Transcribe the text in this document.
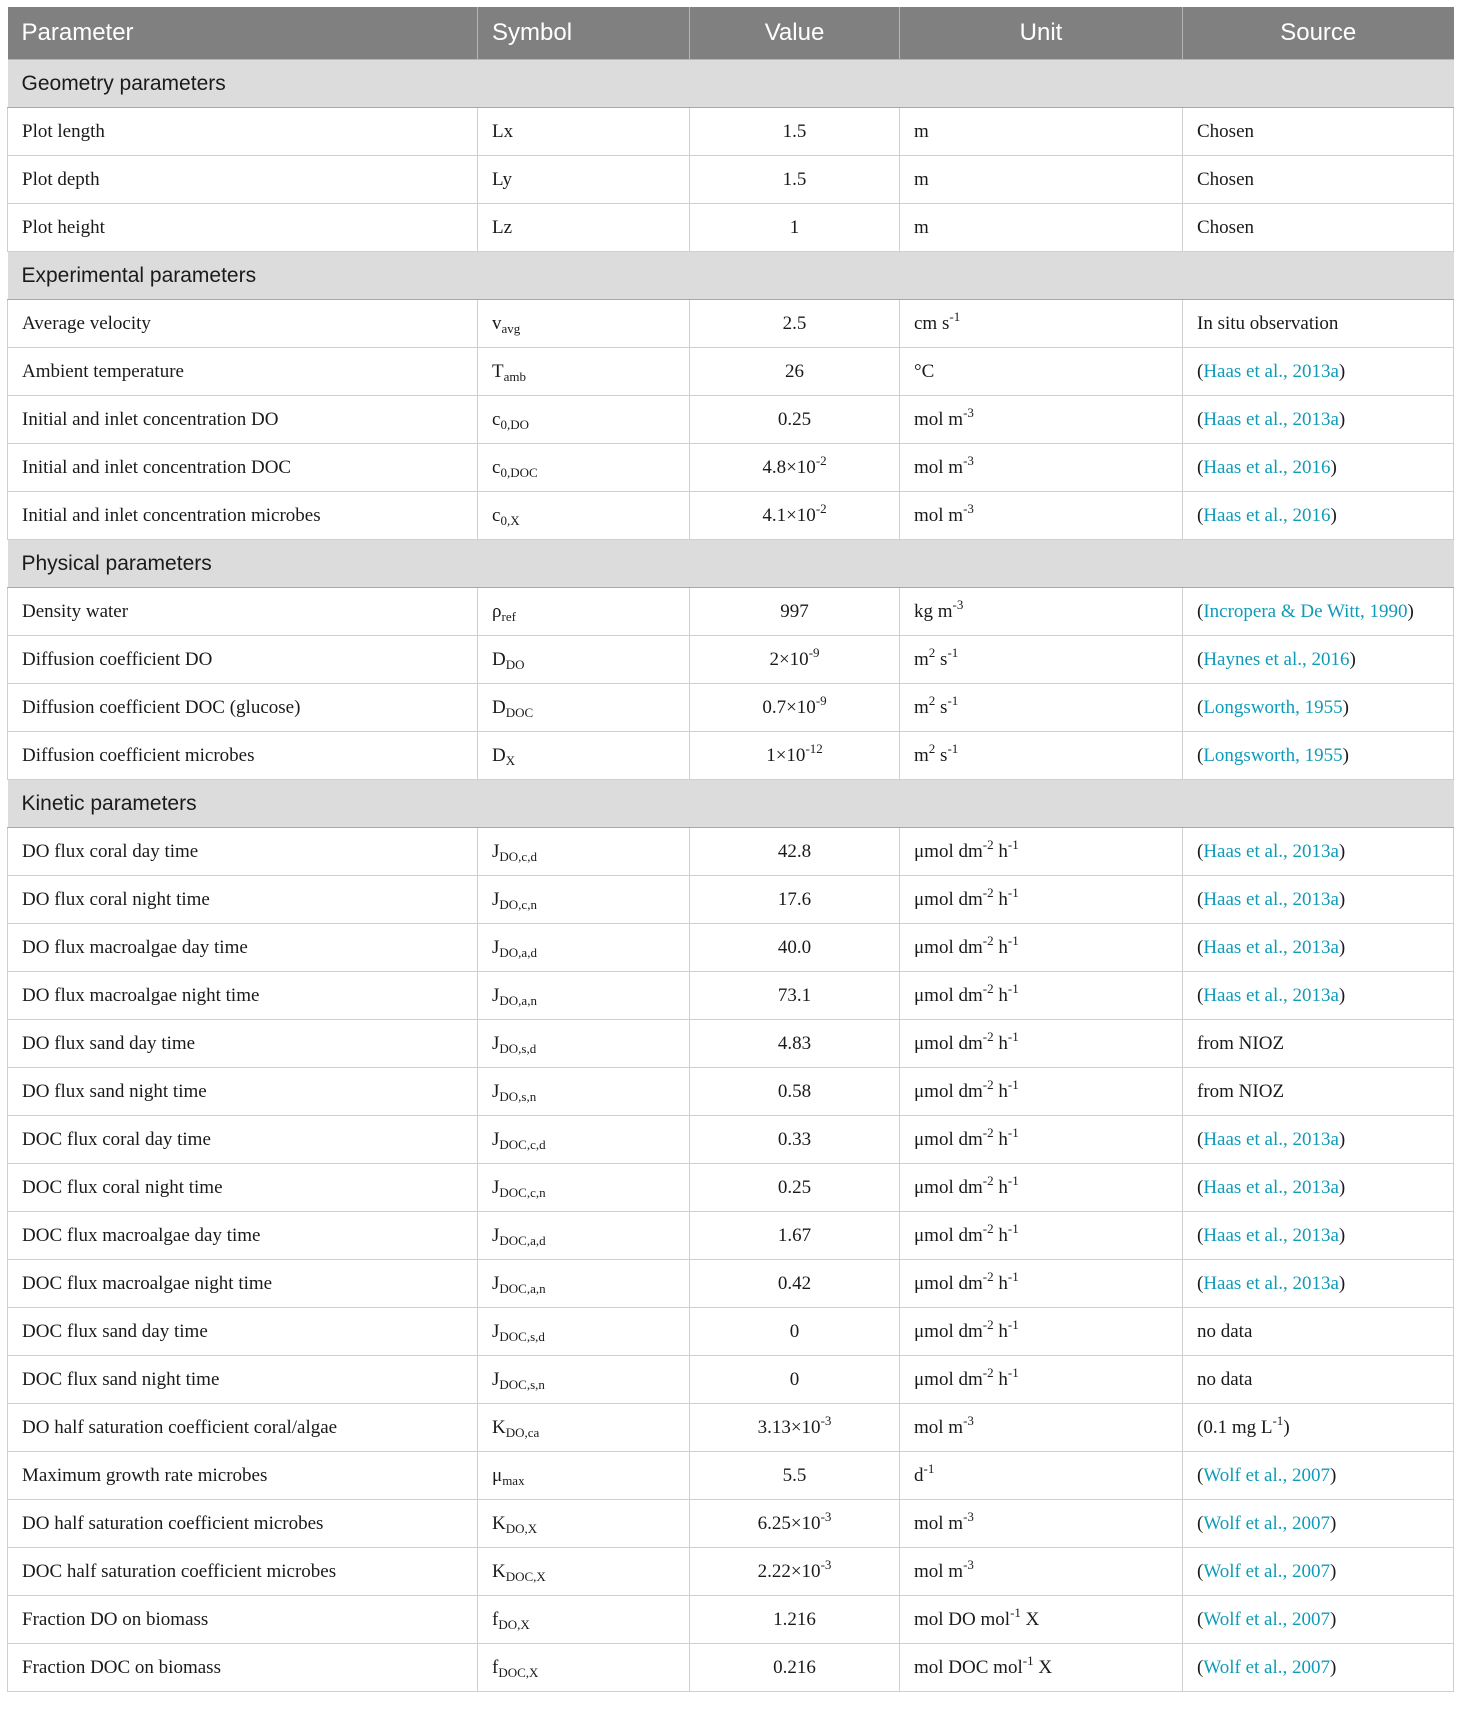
Parameter	Symbol	Value	Unit	Source
Geometry parameters				
Plot length	Lx	1.5	m	Chosen
Plot depth	Ly	1.5	m	Chosen
Plot height	Lz	1	m	Chosen
Experimental parameters				
Average velocity	$v_{avg}$	2.5	cm $s^{-1}$	In situ observation
Ambient temperature	$T_{amb}$	26	°C	(Haas et al., 2013a)
Initial and inlet concentration DO	$c_{0,DO}$	0.25	mol $m^{-3}$	(Haas et al., 2013a)
Initial and inlet concentration DOC	$c_{0,DOC}$	$4.8\times 10^{-2}$	mol $m^{-3}$	(Haas et al., 2016)
Initial and inlet concentration microbes	$c_{0,X}$	$4.1\times 10^{-2}$	mol $m^{-3}$	(Haas et al., 2016)
Physical parameters				
Density water	$\rho_{ref}$	997	kg $m^{-3}$	(Incropera & De Witt, 1990)
Diffusion coefficient DO	$D_{DO}$	$2\times 10^{-9}$	$m^2$ $s^{-1}$	(Haynes et al., 2016)
Diffusion coefficient DOC (glucose)	$D_{DOC}$	$0.7\times 10^{-9}$	$m^2$ $s^{-1}$	(Longsworth, 1955)
Diffusion coefficient microbes	$D_X$	$1\times 10^{-12}$	$m^2$ $s^{-1}$	(Longsworth, 1955)
Kinetic parameters				
DO flux coral day time	$J_{DO,c,d}$	42.8	μmol $dm^{-2}$ $h^{-1}$	(Haas et al., 2013a)
DO flux coral night time	$J_{DO,c,n}$	17.6	μmol $dm^{-2}$ $h^{-1}$	(Haas et al., 2013a)
DO flux macroalgae day time	$J_{DO,a,d}$	40.0	μmol $dm^{-2}$ $h^{-1}$	(Haas et al., 2013a)
DO flux macroalgae night time	$J_{DO,a,n}$	73.1	μmol $dm^{-2}$ $h^{-1}$	(Haas et al., 2013a)
DO flux sand day time	$J_{DO,s,d}$	4.83	μmol $dm^{-2}$ $h^{-1}$	from NIOZ
DO flux sand night time	$J_{DO,s,n}$	0.58	μmol $dm^{-2}$ $h^{-1}$	from NIOZ
DOC flux coral day time	$J_{DOC,c,d}$	0.33	μmol $dm^{-2}$ $h^{-1}$	(Haas et al., 2013a)
DOC flux coral night time	$J_{DOC,c,n}$	0.25	μmol $dm^{-2}$ $h^{-1}$	(Haas et al., 2013a)
DOC flux macroalgae day time	$J_{DOC,a,d}$	1.67	μmol $dm^{-2}$ $h^{-1}$	(Haas et al., 2013a)
DOC flux macroalgae night time	$J_{DOC,a,n}$	0.42	μmol $dm^{-2}$ $h^{-1}$	(Haas et al., 2013a)
DOC flux sand day time	$J_{DOC,s,d}$	0	μmol $dm^{-2}$ $h^{-1}$	no data
DOC flux sand night time	$J_{DOC,s,n}$	0	μmol $dm^{-2}$ $h^{-1}$	no data
DO half saturation coefficient coral/algae	$K_{DO,ca}$	$3.13\times 10^{-3}$	mol $m^{-3}$	(0.1 mg $L^{-1}$)
Maximum growth rate microbes	$\mu_{max}$	5.5	$d^{-1}$	(Wolf et al., 2007)
DO half saturation coefficient microbes	$K_{DO,X}$	$6.25\times 10^{-3}$	mol $m^{-3}$	(Wolf et al., 2007)
DOC half saturation coefficient microbes	$K_{DOC,X}$	$2.22\times 10^{-3}$	mol $m^{-3}$	(Wolf et al., 2007)
Fraction DO on biomass	$f_{DO,X}$	1.216	mol DO mol$^{-1}$ X	(Wolf et al., 2007)
Fraction DOC on biomass	$f_{DOC,X}$	0.216	mol DOC mol$^{-1}$ X	(Wolf et al., 2007)
